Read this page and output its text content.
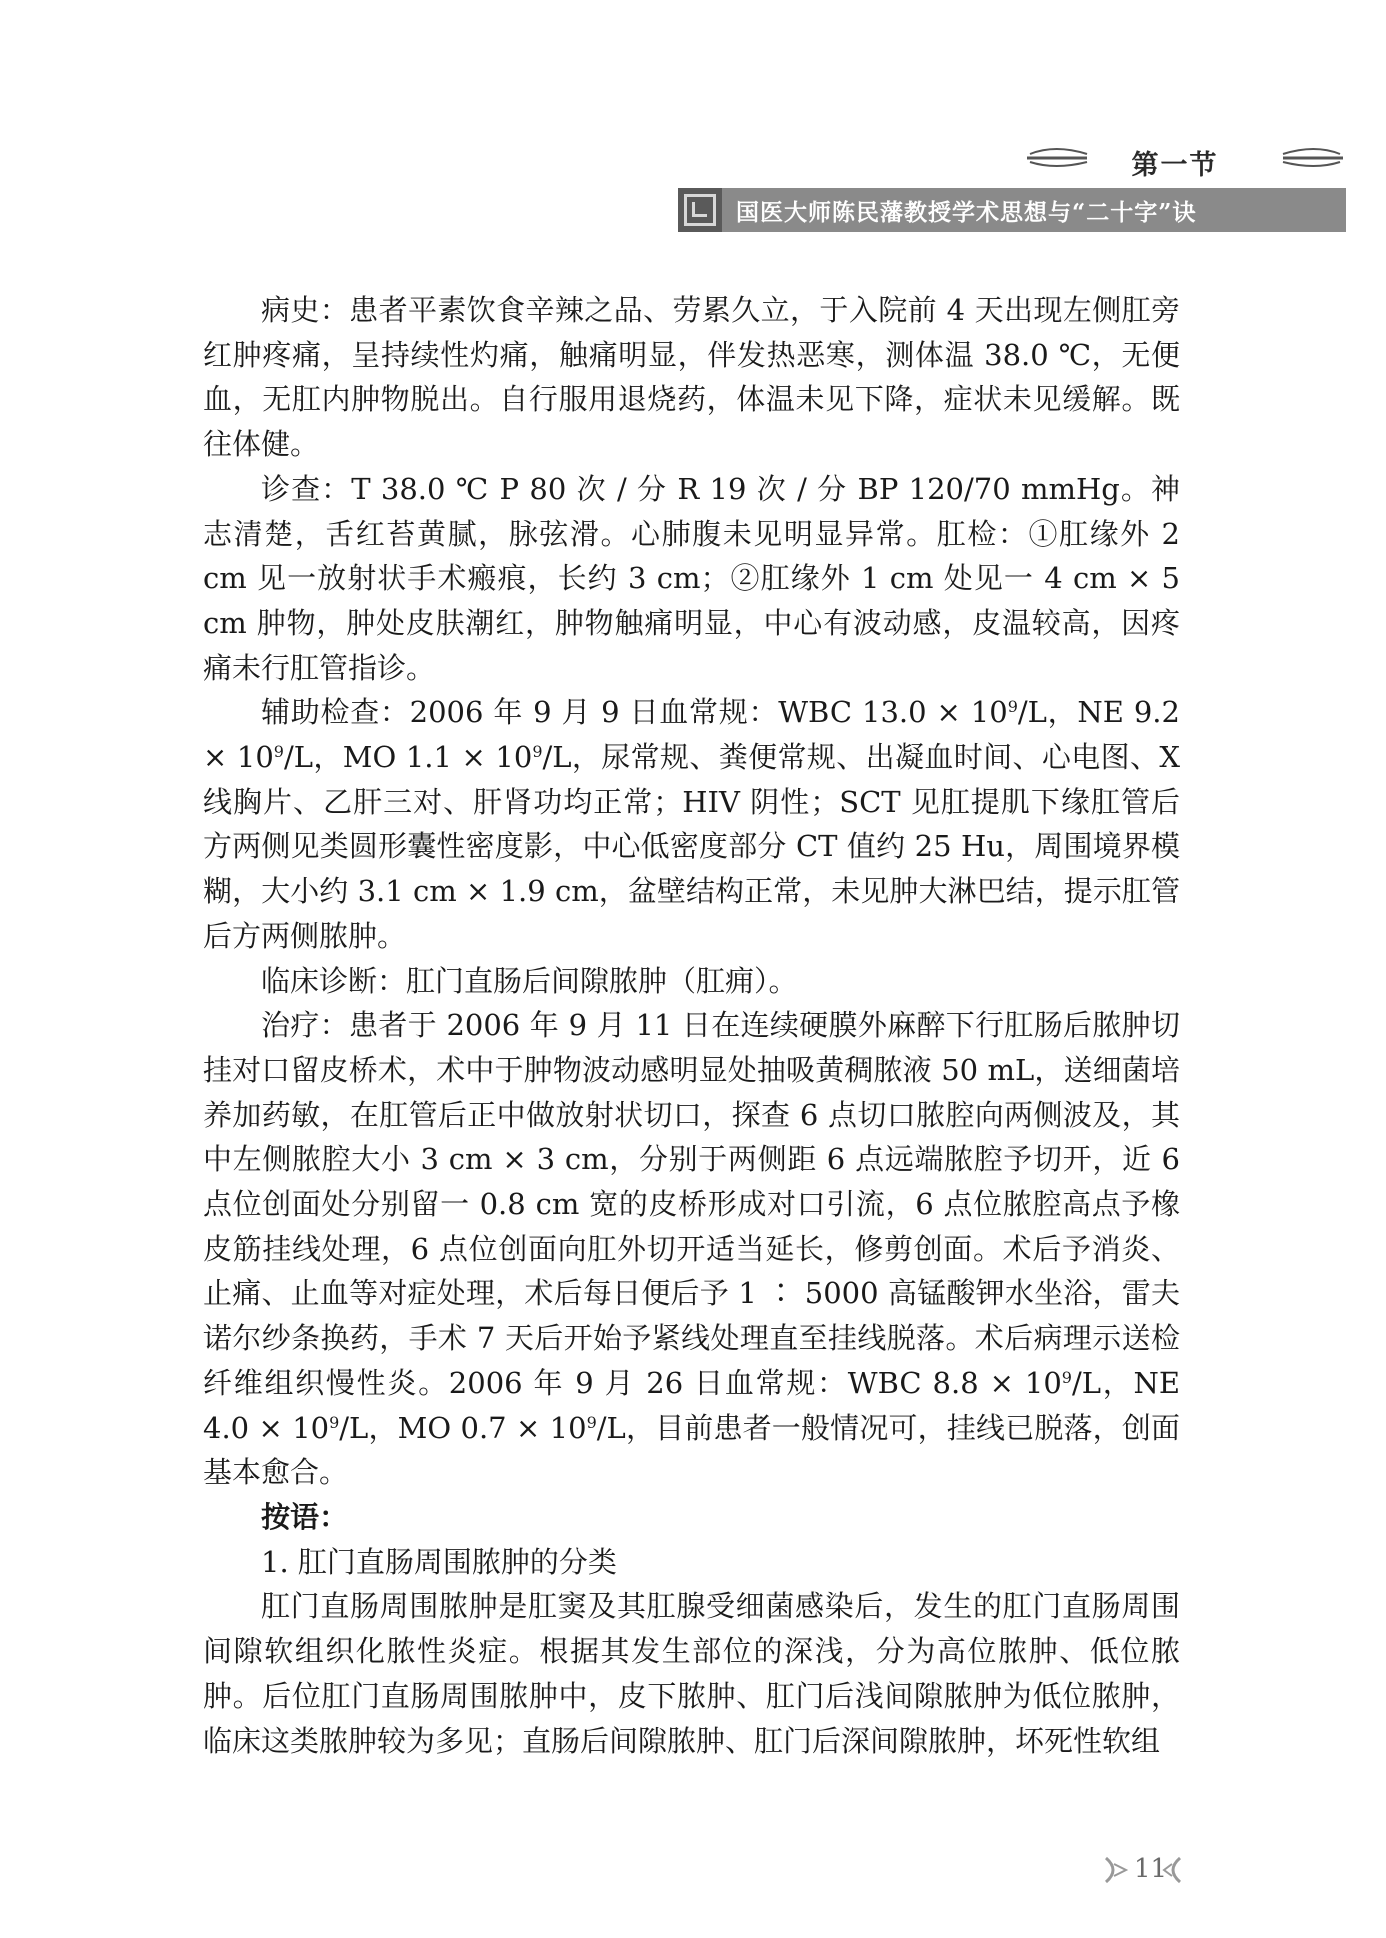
第一节
国医大师陈民藩教授学术思想与“二十字”诀

病史：患者平素饮食辛辣之品、劳累久立，于入院前 4 天出现左侧肛旁红肿疼痛，呈持续性灼痛，触痛明显，伴发热恶寒，测体温 38.0 ℃，无便血，无肛内肿物脱出。自行服用退烧药，体温未见下降，症状未见缓解。既往体健。

诊查：T 38.0 ℃ P 80 次 / 分 R 19 次 / 分 BP 120/70 mmHg。神志清楚，舌红苔黄腻，脉弦滑。心肺腹未见明显异常。肛检：①肛缘外 2 cm 见一放射状手术瘢痕，长约 3 cm；②肛缘外 1 cm 处见一 4 cm × 5 cm 肿物，肿处皮肤潮红，肿物触痛明显，中心有波动感，皮温较高，因疼痛未行肛管指诊。

辅助检查：2006 年 9 月 9 日血常规：WBC $13.0 \times 10^9/L$，NE $9.2 \times 10^9/L$，MO $1.1 \times 10^9/L$，尿常规、粪便常规、出凝血时间、心电图、X 线胸片、乙肝三对、肝肾功均正常；HIV 阴性；SCT 见肛提肌下缘肛管后方两侧见类圆形囊性密度影，中心低密度部分 CT 值约 25 Hu，周围境界模糊，大小约 3.1 cm × 1.9 cm，盆壁结构正常，未见肿大淋巴结，提示肛管后方两侧脓肿。

临床诊断：肛门直肠后间隙脓肿（肛痈）。

治疗：患者于 2006 年 9 月 11 日在连续硬膜外麻醉下行肛肠后脓肿切挂对口留皮桥术，术中于肿物波动感明显处抽吸黄稠脓液 50 mL，送细菌培养加药敏，在肛管后正中做放射状切口，探查 6 点切口脓腔向两侧波及，其中左侧脓腔大小 3 cm × 3 cm，分别于两侧距 6 点远端脓腔予切开，近 6 点位创面处分别留一 0.8 cm 宽的皮桥形成对口引流，6 点位脓腔高点予橡皮筋挂线处理，6 点位创面向肛外切开适当延长，修剪创面。术后予消炎、止痛、止血等对症处理，术后每日便后予 1 ∶ 5000 高锰酸钾水坐浴，雷夫诺尔纱条换药，手术 7 天后开始予紧线处理直至挂线脱落。术后病理示送检纤维组织慢性炎。2006 年 9 月 26 日血常规：WBC $8.8 \times 10^9/L$，NE $4.0 \times 10^9/L$，MO $0.7 \times 10^9/L$，目前患者一般情况可，挂线已脱落，创面基本愈合。

按语：

1. 肛门直肠周围脓肿的分类

肛门直肠周围脓肿是肛窦及其肛腺受细菌感染后，发生的肛门直肠周围间隙软组织化脓性炎症。根据其发生部位的深浅，分为高位脓肿、低位脓肿。后位肛门直肠周围脓肿中，皮下脓肿、肛门后浅间隙脓肿为低位脓肿，临床这类脓肿较为多见；直肠后间隙脓肿、肛门后深间隙脓肿，坏死性软组

11
